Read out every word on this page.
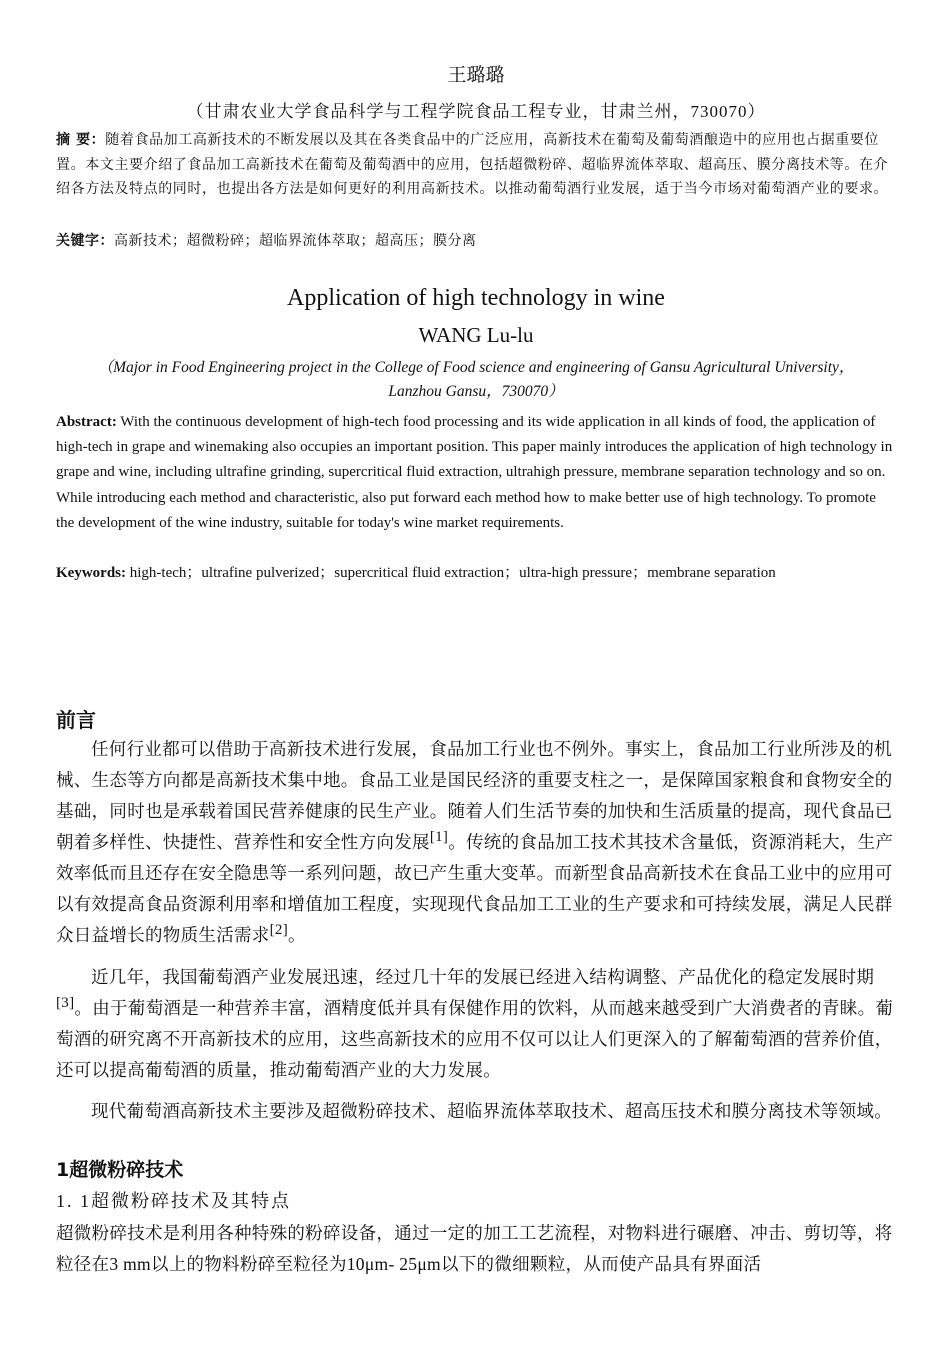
王璐璐
（甘肃农业大学食品科学与工程学院食品工程专业，甘肃兰州，730070）
摘 要：随着食品加工高新技术的不断发展以及其在各类食品中的广泛应用，高新技术在葡萄及葡萄酒酿造中的应用也占据重要位置。本文主要介绍了食品加工高新技术在葡萄及葡萄酒中的应用，包括超微粉碎、超临界流体萃取、超高压、膜分离技术等。在介绍各方法及特点的同时，也提出各方法是如何更好的利用高新技术。以推动葡萄酒行业发展，适于当今市场对葡萄酒产业的要求。
关键字：高新技术；超微粉碎；超临界流体萃取；超高压；膜分离
Application of high technology in wine
WANG Lu-lu
（Major in Food Engineering project in the College of Food science and engineering of Gansu Agricultural University， Lanzhou Gansu，730070）
Abstract: With the continuous development of high-tech food processing and its wide application in all kinds of food, the application of high-tech in grape and winemaking also occupies an important position. This paper mainly introduces the application of high technology in grape and wine, including ultrafine grinding, supercritical fluid extraction, ultrahigh pressure, membrane separation technology and so on. While introducing each method and characteristic, also put forward each method how to make better use of high technology. To promote the development of the wine industry, suitable for today's wine market requirements.
Keywords: high-tech；ultrafine pulverized；supercritical fluid extraction；ultra-high pressure；membrane separation
前言
任何行业都可以借助于高新技术进行发展，食品加工行业也不例外。事实上，食品加工行业所涉及的机械、生态等方向都是高新技术集中地。食品工业是国民经济的重要支柱之一，是保障国家粮食和食物安全的基础，同时也是承载着国民营养健康的民生产业。随着人们生活节奏的加快和生活质量的提高，现代食品已朝着多样性、快捷性、营养性和安全性方向发展[1]。传统的食品加工技术其技术含量低，资源消耗大，生产效率低而且还存在安全隐患等一系列问题，故已产生重大变革。而新型食品高新技术在食品工业中的应用可以有效提高食品资源利用率和增值加工程度，实现现代食品加工工业的生产要求和可持续发展，满足人民群众日益增长的物质生活需求[2]。
近几年，我国葡萄酒产业发展迅速，经过几十年的发展已经进入结构调整、产品优化的稳定发展时期[3]。由于葡萄酒是一种营养丰富，酒精度低并具有保健作用的饮料，从而越来越受到广大消费者的青睐。葡萄酒的研究离不开高新技术的应用，这些高新技术的应用不仅可以让人们更深入的了解葡萄酒的营养价值，还可以提高葡萄酒的质量，推动葡萄酒产业的大力发展。
现代葡萄酒高新技术主要涉及超微粉碎技术、超临界流体萃取技术、超高压技术和膜分离技术等领域。
1超微粉碎技术
1. 1超微粉碎技术及其特点
超微粉碎技术是利用各种特殊的粉碎设备，通过一定的加工工艺流程，对物料进行碾磨、冲击、剪切等，将粒径在3 mm以上的物料粉碎至粒径为10μm- 25μm以下的微细颗粒，从而使产品具有界面活
